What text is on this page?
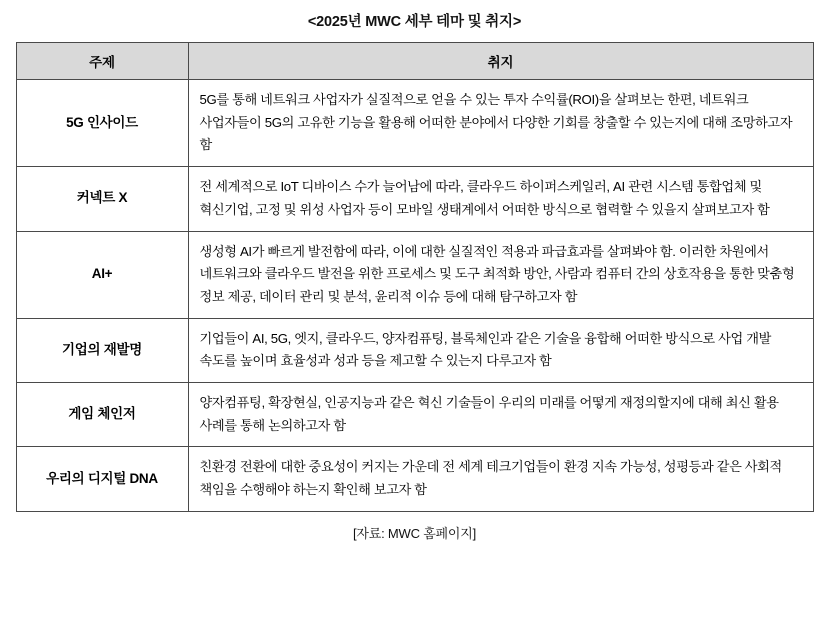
<2025년 MWC 세부 테마 및 취지>
주제	취지
5G 인사이드	5G를 통해 네트워크 사업자가 실질적으로 얻을 수 있는 투자 수익률(ROI)을 살펴보는 한편, 네트워크 사업자들이 5G의 고유한 기능을 활용해 어떠한 분야에서 다양한 기회를 창출할 수 있는지에 대해 조망하고자 함
커넥트 X	전 세계적으로 IoT 디바이스 수가 늘어남에 따라, 클라우드 하이퍼스케일러, AI 관련 시스템 통합업체 및 혁신기업, 고정 및 위성 사업자 등이 모바일 생태계에서 어떠한 방식으로 협력할 수 있을지 살펴보고자 함
AI+	생성형 AI가 빠르게 발전함에 따라, 이에 대한 실질적인 적용과 파급효과를 살펴봐야 함. 이러한 차원에서 네트워크와 클라우드 발전을 위한 프로세스 및 도구 최적화 방안, 사람과 컴퓨터 간의 상호작용을 통한 맞춤형 정보 제공, 데이터 관리 및 분석, 윤리적 이슈 등에 대해 탐구하고자 함
기업의 재발명	기업들이 AI, 5G, 엣지, 클라우드, 양자컴퓨팅, 블록체인과 같은 기술을 융합해 어떠한 방식으로 사업 개발 속도를 높이며 효율성과 성과 등을 제고할 수 있는지 다루고자 함
게임 체인저	양자컴퓨팅, 확장현실, 인공지능과 같은 혁신 기술들이 우리의 미래를 어떻게 재정의할지에 대해 최신 활용 사례를 통해 논의하고자 함
우리의 디지털 DNA	친환경 전환에 대한 중요성이 커지는 가운데 전 세계 테크기업들이 환경 지속 가능성, 성평등과 같은 사회적 책임을 수행해야 하는지 확인해 보고자 함
[자료: MWC 홈페이지]
